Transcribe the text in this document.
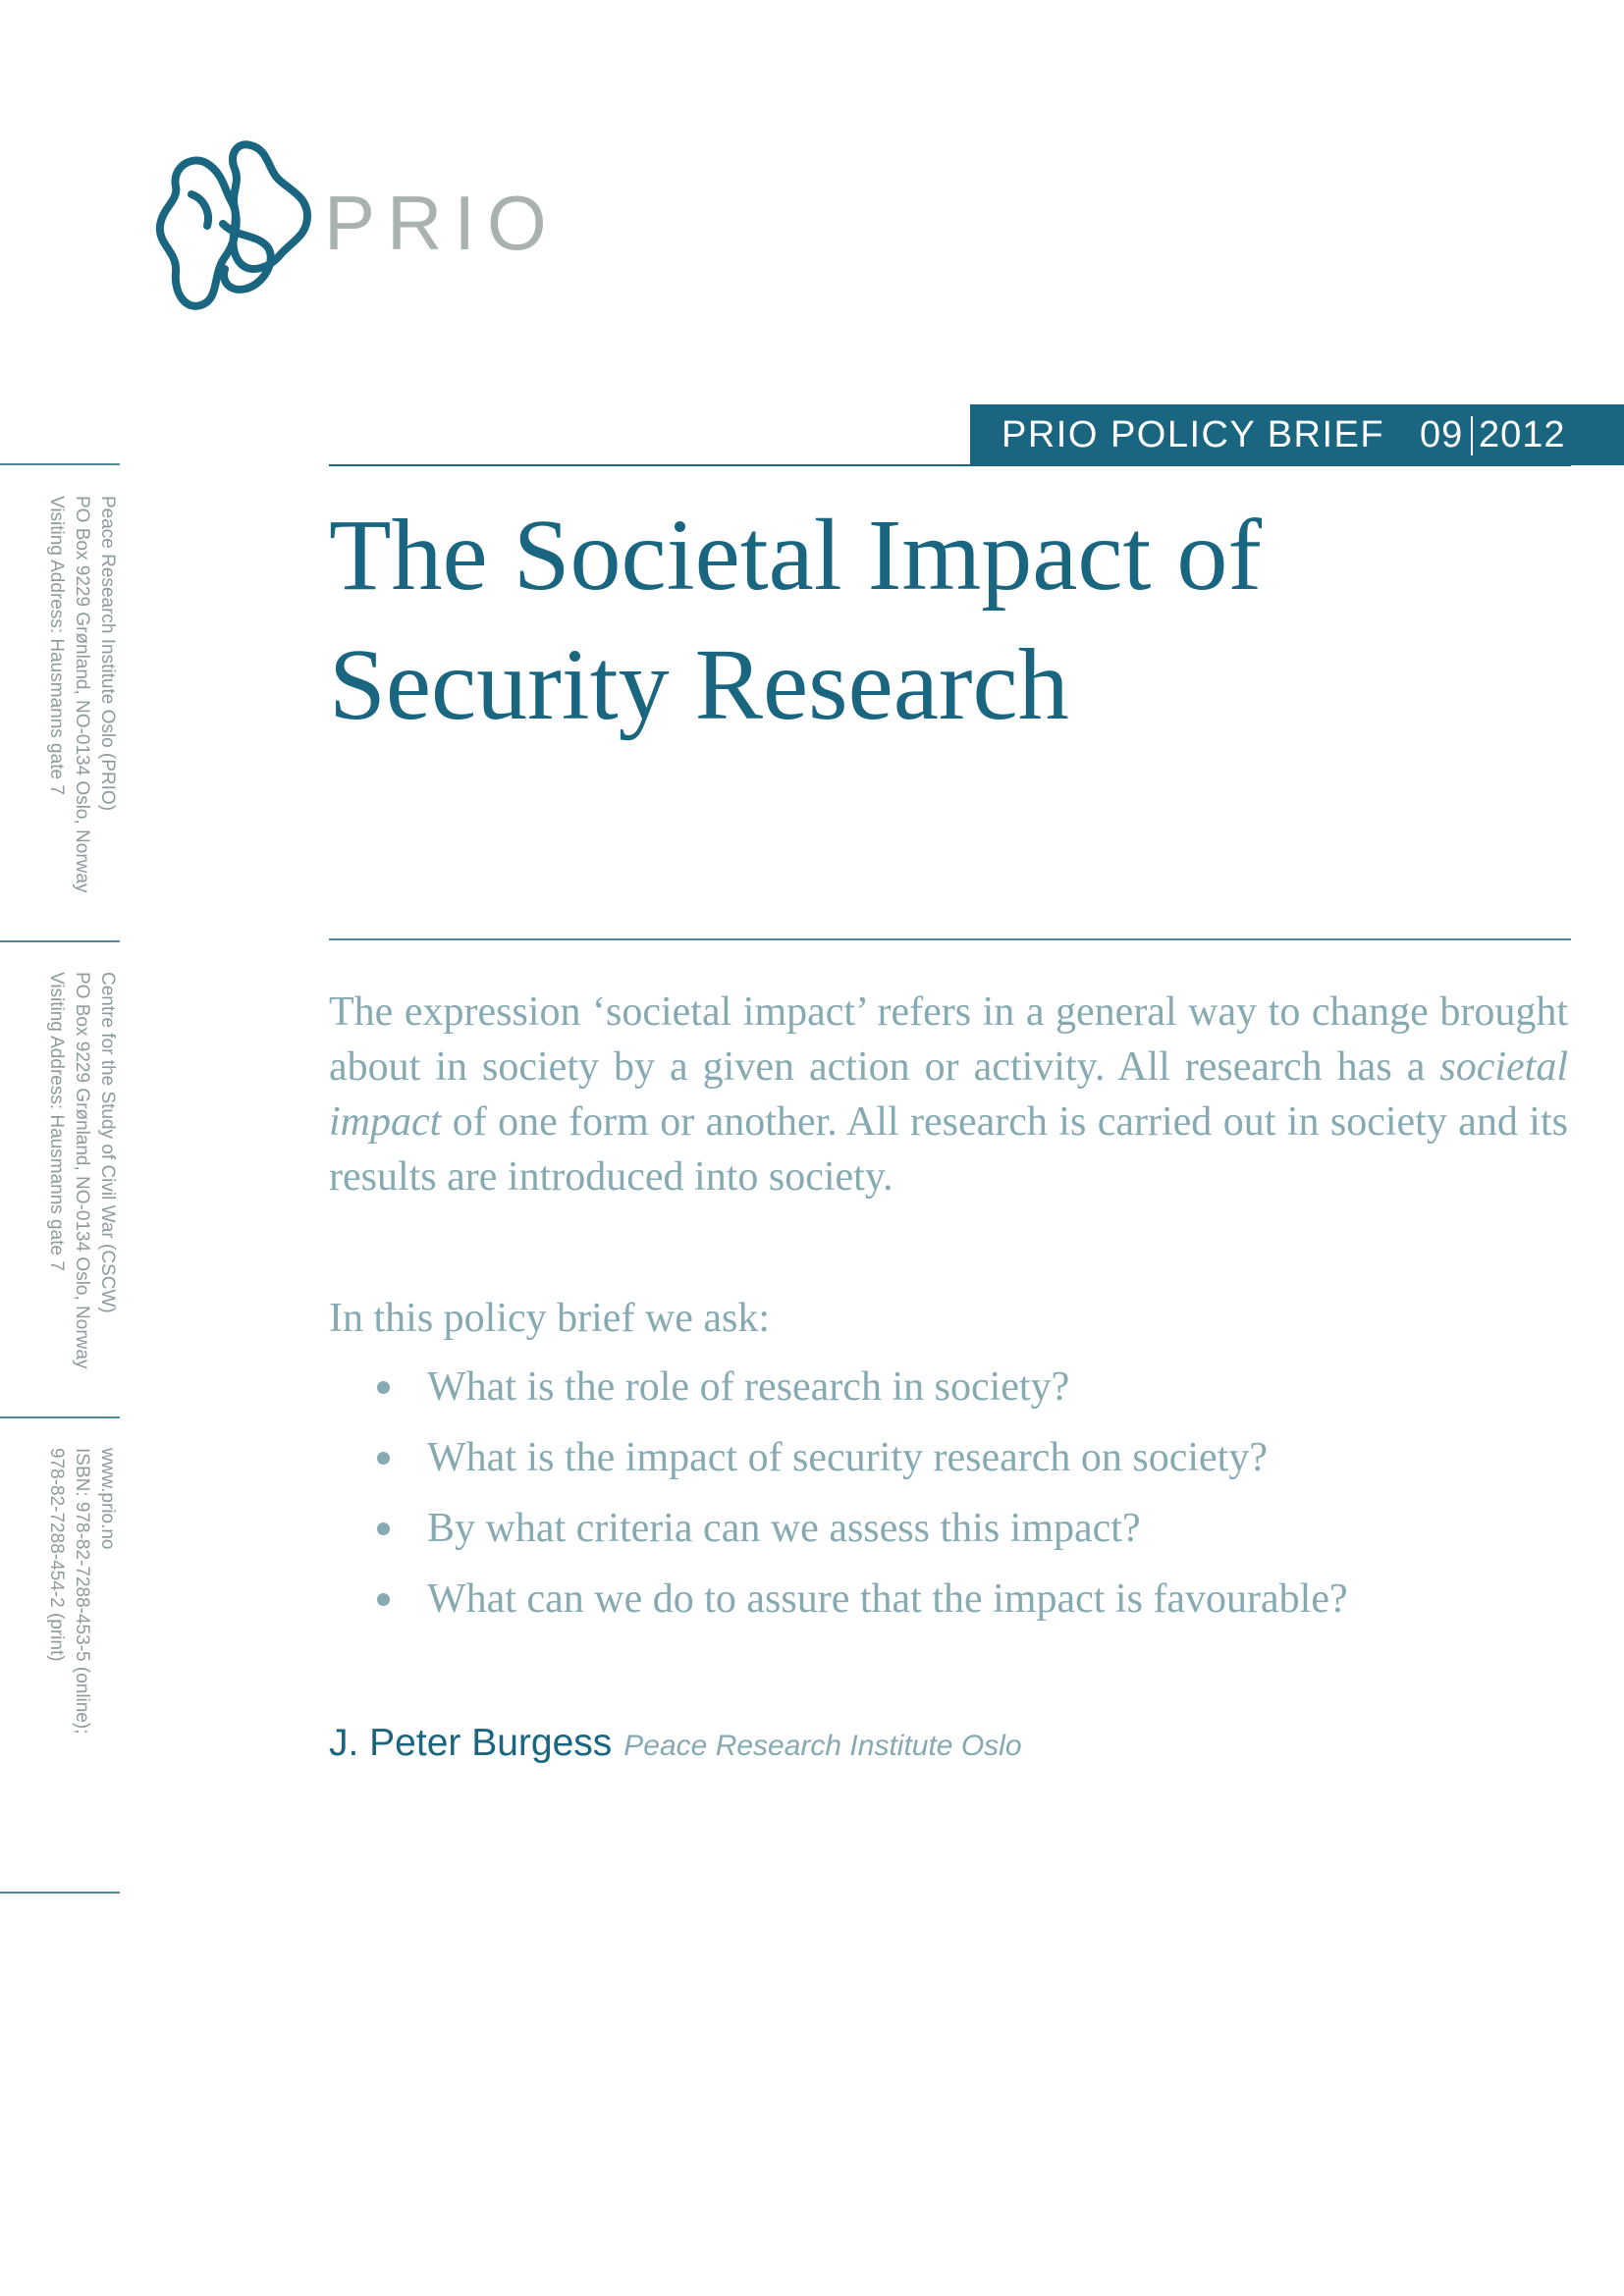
PRIO
PRIO POLICY BRIEF 09 2012
The Societal Impact of
Security Research

The expression ‘societal impact’ refers in a general way to change brought about in society by a given action or activity. All research has a societal impact of one form or another. All research is carried out in society and its results are introduced into society.

In this policy brief we ask:
What is the role of research in society?
What is the impact of security research on society?
By what criteria can we assess this impact?
What can we do to assure that the impact is favourable?
J. Peter Burgess Peace Research Institute Oslo
Peace Research Institute Oslo (PRIO)
PO Box 9229 Grønland, NO-0134 Oslo, Norway
Visiting Address: Hausmanns gate 7
Centre for the Study of Civil War (CSCW)
PO Box 9229 Grønland, NO-0134 Oslo, Norway
Visiting Address: Hausmanns gate 7
www.prio.no
ISBN: 978-82-7288-453-5 (online);
978-82-7288-454-2 (print)
